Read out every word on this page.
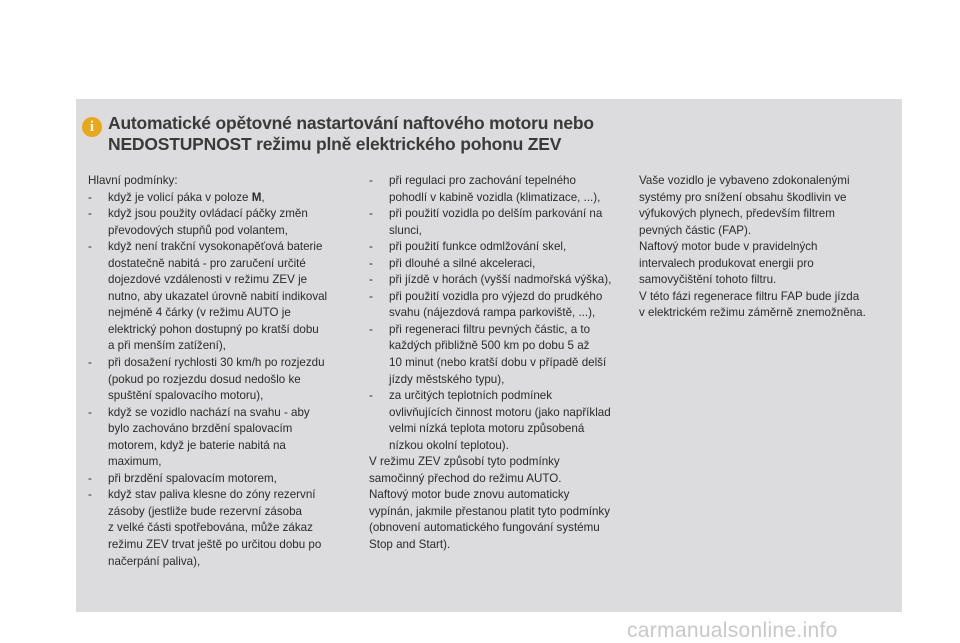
i Automatické opětovné nastartování naftového motoru nebo
NEDOSTUPNOST režimu plně elektrického pohonu ZEV
Hlavní podmínky:
- když je volicí páka v poloze M,
- když jsou použity ovládací páčky změn
převodových stupňů pod volantem,
- když není trakční vysokonapěťová baterie
dostatečně nabitá - pro zaručení určité
dojezdové vzdálenosti v režimu ZEV je
nutno, aby ukazatel úrovně nabití indikoval
nejméně 4 čárky (v režimu AUTO je
elektrický pohon dostupný po kratší dobu
a při menším zatížení),
- při dosažení rychlosti 30 km/h po rozjezdu
(pokud po rozjezdu dosud nedošlo ke
spuštění spalovacího motoru),
- když se vozidlo nachází na svahu - aby
bylo zachováno brzdění spalovacím
motorem, když je baterie nabitá na
maximum,
- při brzdění spalovacím motorem,
- když stav paliva klesne do zóny rezervní
zásoby (jestliže bude rezervní zásoba
z velké části spotřebována, může zákaz
režimu ZEV trvat ještě po určitou dobu po
načerpání paliva),
- při regulaci pro zachování tepelného
pohodlí v kabině vozidla (klimatizace, ...),
- při použití vozidla po delším parkování na
slunci,
- při použití funkce odmlžování skel,
- při dlouhé a silné akceleraci,
- při jízdě v horách (vyšší nadmořská výška),
- při použití vozidla pro výjezd do prudkého
svahu (nájezdová rampa parkoviště, ...),
- při regeneraci filtru pevných částic, a to
každých přibližně 500 km po dobu 5 až
10 minut (nebo kratší dobu v případě delší
jízdy městského typu),
- za určitých teplotních podmínek
ovlivňujících činnost motoru (jako například
velmi nízká teplota motoru způsobená
nízkou okolní teplotou).
V režimu ZEV způsobí tyto podmínky
samočinný přechod do režimu AUTO.
Naftový motor bude znovu automaticky
vypínán, jakmile přestanou platit tyto podmínky
(obnovení automatického fungování systému
Stop and Start).
Vaše vozidlo je vybaveno zdokonalenými
systémy pro snížení obsahu škodlivin ve
výfukových plynech, především filtrem
pevných částic (FAP).
Naftový motor bude v pravidelných
intervalech produkovat energii pro
samovyčištění tohoto filtru.
V této fázi regenerace filtru FAP bude jízda
v elektrickém režimu záměrně znemožněna.
carmanualsonline.info
